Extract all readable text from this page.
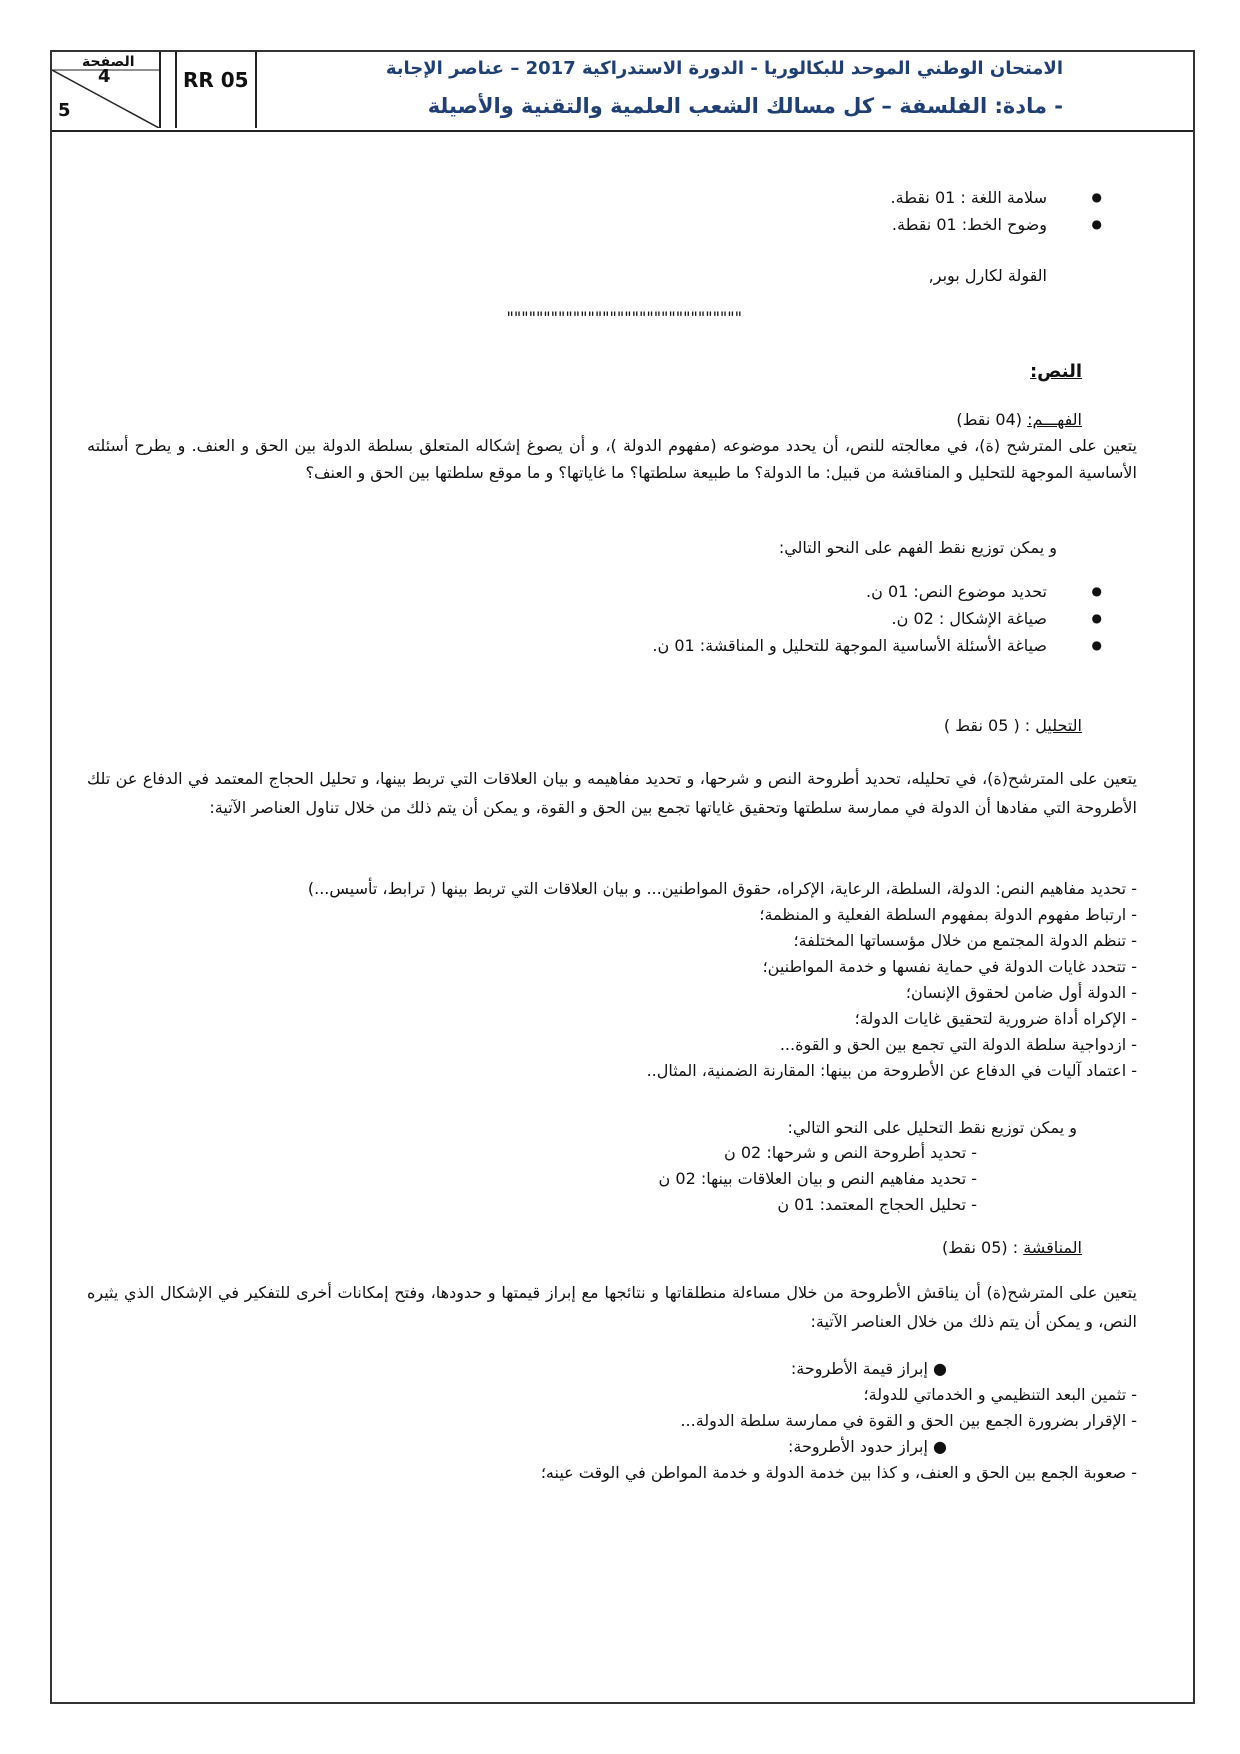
الصفحة
4
5
RR 05	الامتحان الوطني الموحد للبكالوريا - الدورة الاستدراكية 2017 – عناصر الإجابة
- مادة: الفلسفة – كل مسالك الشعب العلمية والتقنية والأصيلة
● سلامة اللغة : 01 نقطة.
● وضوح الخط: 01 نقطة.
القولة لكارل بوبر,
""""""""""""""""""""""""""""""""
النص:
الفهـــم: (04 نقط)
يتعين على المترشح (ة)، في معالجته للنص، أن يحدد موضوعه (مفهوم الدولة )، و أن يصوغ إشكاله المتعلق بسلطة الدولة بين الحق و العنف. و يطرح أسئلته الأساسية الموجهة للتحليل و المناقشة من قبيل: ما الدولة؟ ما طبيعة سلطتها؟ ما غاياتها؟ و ما موقع سلطتها بين الحق و العنف؟
و يمكن توزيع نقط الفهم على النحو التالي:
● تحديد موضوع النص: 01 ن.
● صياغة الإشكال : 02 ن.
● صياغة الأسئلة الأساسية الموجهة للتحليل و المناقشة: 01 ن.
التحليل : ( 05 نقط )
يتعين على المترشح(ة)، في تحليله، تحديد أطروحة النص و شرحها، و تحديد مفاهيمه و بيان العلاقات التي تربط بينها، و تحليل الحجاج المعتمد في الدفاع عن تلك الأطروحة التي مفادها أن الدولة في ممارسة سلطتها وتحقيق غاياتها تجمع بين الحق و القوة، و يمكن أن يتم ذلك من خلال تناول العناصر الآتية:
- تحديد مفاهيم النص: الدولة، السلطة، الرعاية، الإكراه، حقوق المواطنين... و بيان العلاقات التي تربط بينها ( ترابط، تأسيس...)
- ارتباط مفهوم الدولة بمفهوم السلطة الفعلية و المنظمة؛
- تنظم الدولة المجتمع من خلال مؤسساتها المختلفة؛
- تتحدد غايات الدولة في حماية نفسها و خدمة المواطنين؛
- الدولة أول ضامن لحقوق الإنسان؛
- الإكراه أداة ضرورية لتحقيق غايات الدولة؛
- ازدواجية سلطة الدولة التي تجمع بين الحق و القوة...
- اعتماد آليات في الدفاع عن الأطروحة من بينها: المقارنة الضمنية، المثال..
و يمكن توزيع نقط التحليل على النحو التالي:
- تحديد أطروحة النص و شرحها: 02 ن
- تحديد مفاهيم النص و بيان العلاقات بينها: 02 ن
- تحليل الحجاج المعتمد: 01 ن
المناقشة : (05 نقط)
يتعين على المترشح(ة) أن يناقش الأطروحة من خلال مساءلة منطلقاتها و نتائجها مع إبراز قيمتها و حدودها، وفتح إمكانات أخرى للتفكير في الإشكال الذي يثيره النص، و يمكن أن يتم ذلك من خلال العناصر الآتية:
● إبراز قيمة الأطروحة:
- تثمين البعد التنظيمي و الخدماتي للدولة؛
- الإقرار بضرورة الجمع بين الحق و القوة في ممارسة سلطة الدولة...
● إبراز حدود الأطروحة:
- صعوبة الجمع بين الحق و العنف، و كذا بين خدمة الدولة و خدمة المواطن في الوقت عينه؛
